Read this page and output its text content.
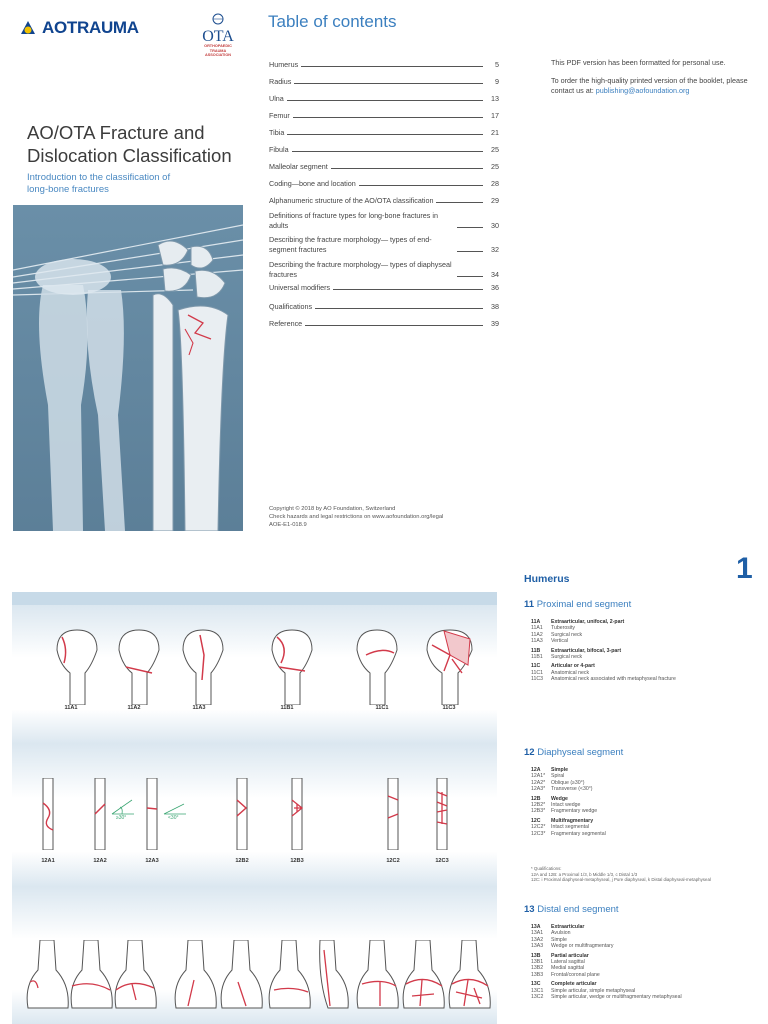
AOTRAUMA	OTA
ORTHOPAEDIC
TRAUMA
ASSOCIATION
AO/OTA Fracture and
Dislocation Classification
Introduction to the classification of
long-bone fractures
Table of contents
Humerus	5
Radius	9
Ulna	13
Femur	17
Tibia	21
Fibula	25
Malleolar segment	25
Coding—bone and location	28
Alphanumeric structure of the AO/OTA classification	29
Definitions of fracture types for long-bone fractures in adults	30
Describing the fracture morphology— types of end-segment fractures	32
Describing the fracture morphology— types of diaphyseal fractures	34
Universal modifiers	36
Qualifications	38
Reference	39

This PDF version has been formatted for personal use.

To order the high-quality printed version of the booklet, please contact us at: publishing@aofoundation.org

Copyright © 2018 by AO Foundation, Switzerland
Check hazards and legal restrictions on www.aofoundation.org/legal
AOE-E1-018.9
11A1	11A2	11A3	11B1	11C1	11C3
≥30°	<30°
12A1	12A2	12A3	12B2	12B3	12C2	12C3
Humerus	1
11 Proximal end segment
11A	Extraarticular, unifocal, 2-part
11A1	Tuberosity
11A2	Surgical neck
11A3	Vertical
11B	Extraarticular, bifocal, 3-part
11B1	Surgical neck
11C	Articular or 4-part
11C1	Anatomical neck
11C3	Anatomical neck associated with metaphyseal fracture
12 Diaphyseal segment
12A	Simple
12A1*	Spiral
12A2*	Oblique (≥30°)
12A3*	Transverse (<30°)
12B	Wedge
12B2*	Intact wedge
12B3*	Fragmentary wedge
12C	Multifragmentary
12C2*	Intact segmental
12C3*	Fragmentary segmental
* Qualifications:
12A and 12B: a Proximal 1/3, b Middle 1/3, c Distal 1/3
12C: i Proximal diaphyseal-metaphyseal, j Pure diaphyseal, k Distal diaphyseal-metaphyseal
13 Distal end segment
13A	Extraarticular
13A1	Avulsion
13A2	Simple
13A3	Wedge or multifragmentary
13B	Partial articular
13B1	Lateral sagittal
13B2	Medial sagittal
13B3	Frontal/coronal plane
13C	Complete articular
13C1	Simple articular, simple metaphyseal
13C2	Simple articular, wedge or multifragmentary metaphyseal
